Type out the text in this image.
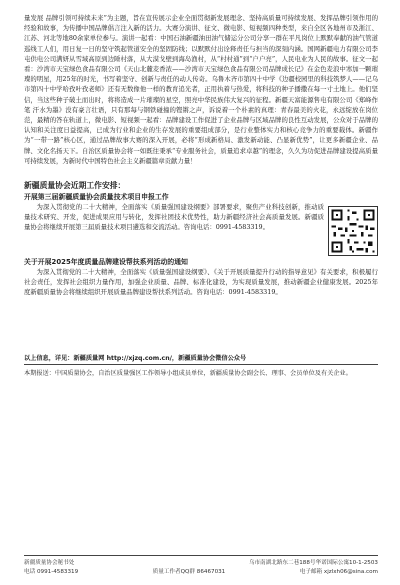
量发展 品牌引领可持续未来”为主题，旨在宣传展示企业全面贯彻新发展理念、坚持高质量可持续发展、发挥品牌引领作用的经验和故事，为传播中国品牌倡言注入新的活力。大赛分演讲、征文、微电影、短视频四种类型，来自全区各地州市及浙江、江苏、河北等地80余家单位参与。演讲一起看：中国石油新疆油田油气储运分公司分享一群在平凡岗位上默默奉献的油气管道巡线工人们，用日复一日的坚守筑起管道安全的坚固防线；以默默付出诠释责任与担当的深刻内涵。国网新疆电力有限公司李屯供电公司满妍从雪域高原到边陲村落，从大漠戈壁到海岛渔村，从“村村通”到“户户亮”，人民电业为人民的故事。征文一起看：沙湾市天宝绿色食品有限公司《天山北麓麦香浓——沙湾市天宝绿色食品有限公司品牌成长记》在金色麦浪中寒加一颗璀璨的明星，用25年的时光，书写着坚守、创新与责任的动人传奇。乌鲁木齐市第四十中学《边疆校园里的科技筑梦人——记乌市第四十中学哈孜叶孜老师》还有无数像他一样的教育追光者，正用执着与热爱，将科技的种子播撒在每一寸土地上。他们坚信，当这些种子破土而出时，将将造成一片璀璨的星空，照亮中华民族伟大复兴的征程。新疆天富能源售电有限公司《郑峰作笔 汗水为墨》没有豪言壮语，只有那每与钢铁碰撞的铿锵之声，诉说着一个朴素的真理：青春最美的火花，永远绽放在岗位范，最精的答在轨道上，微电影、短视频一起看：品牌建设工作促进了企业品牌与区域品牌的良性互动发展，公众对于品牌的认知和关注度日益提高，已成为行业和企业的生存发展的重要组成部分，是行业整体实力和核心竞争力的重要载体。新疆作为“一带一路”核心区，通过品牌故事大赛的深入开展，必将“形成新格局、激发新动能、凸显新优势”，让更多新疆企业、品牌、文化名扬天下。自治区质量协会将一如既往秉承“专业服务社会，质量追求卓越”的理念，久久为功促进品牌建设提高质量可持续发展，为新时代中国特色社会主义新疆篇章贡献力量！

新疆质量协会近期工作安排：
开展第三届新疆质量协会质量技术项目申报工作

为深入贯彻党的二十大精神，全面落实《质量强国建设纲要》部署要求，聚焦产业科技创新，推动质量技术研究、开发，促进成果应用与转化，发挥社团技术优势性，助力新疆经济社会高质量发展。新疆质量协会将继续开展第三届质量技术项目遴选和交流活动。咨询电话：0991-4583319。

关于开展2025年度质量品牌建设帮扶系列活动的通知

为深入贯彻党的二十大精神，全面落实《质量强国建设纲要》、《关于开展质量提升行动的指导意见》有关要求，积极履行社会责任，发挥社会组织力量作用，加强企业质量、品牌、标准化建设，为实现质量发展，推动新疆企业健康发展。2025年度新疆质量协会将继续组织开展质量品牌建设帮扶系列活动。咨询电话：0991-4583319。

以上信息，详见：新疆质量网 http://xjzq.com.cn/，新疆质量协会微信公众号

本期报送：中国质量协会，自治区质量强区工作领导小组成员单位，新疆质量协会副会长、理事、会员单位及有关企业。

新疆质量协会秘书处	乌市南湖北路东二巷188号华诺国际公寓10-1-2503
电话 0991-4583319	质量工作者QQ群 86467031	电子邮箱 xjzlxh06@sina.com
